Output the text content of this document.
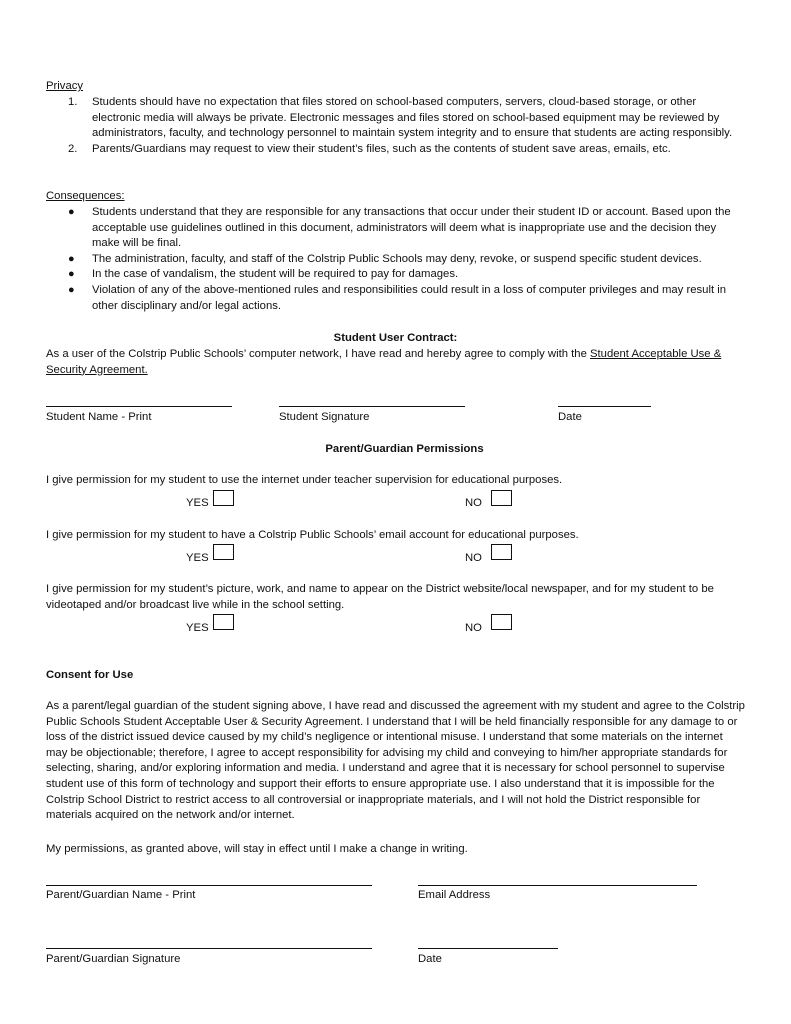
Privacy
1. Students should have no expectation that files stored on school-based computers, servers, cloud-based storage, or other electronic media will always be private. Electronic messages and files stored on school-based equipment may be reviewed by administrators, faculty, and technology personnel to maintain system integrity and to ensure that students are acting responsibly.
2. Parents/Guardians may request to view their student’s files, such as the contents of student save areas, emails, etc.
Consequences:
● Students understand that they are responsible for any transactions that occur under their student ID or account. Based upon the acceptable use guidelines outlined in this document, administrators will deem what is inappropriate use and the decision they make will be final.
● The administration, faculty, and staff of the Colstrip Public Schools may deny, revoke, or suspend specific student devices.
● In the case of vandalism, the student will be required to pay for damages.
● Violation of any of the above-mentioned rules and responsibilities could result in a loss of computer privileges and may result in other disciplinary and/or legal actions.
Student User Contract:
As a user of the Colstrip Public Schools’ computer network, I have read and hereby agree to comply with the Student Acceptable Use & Security Agreement.
Student Name - Print	Student Signature	Date
Parent/Guardian Permissions
I give permission for my student to use the internet under teacher supervision for educational purposes.
YES	NO
I give permission for my student to have a Colstrip Public Schools’ email account for educational purposes.
YES	NO
I give permission for my student’s picture, work, and name to appear on the District website/local newspaper, and for my student to be videotaped and/or broadcast live while in the school setting.
YES	NO
Consent for Use
As a parent/legal guardian of the student signing above, I have read and discussed the agreement with my student and agree to the Colstrip Public Schools Student Acceptable User & Security Agreement. I understand that I will be held financially responsible for any damage to or loss of the district issued device caused by my child’s negligence or intentional misuse. I understand that some materials on the internet may be objectionable; therefore, I agree to accept responsibility for advising my child and conveying to him/her appropriate standards for selecting, sharing, and/or exploring information and media. I understand and agree that it is necessary for school personnel to supervise student use of this form of technology and support their efforts to ensure appropriate use. I also understand that it is impossible for the Colstrip School District to restrict access to all controversial or inappropriate materials, and I will not hold the District responsible for materials acquired on the network and/or internet.
My permissions, as granted above, will stay in effect until I make a change in writing.
Parent/Guardian Name - Print	Email Address
Parent/Guardian Signature	Date
